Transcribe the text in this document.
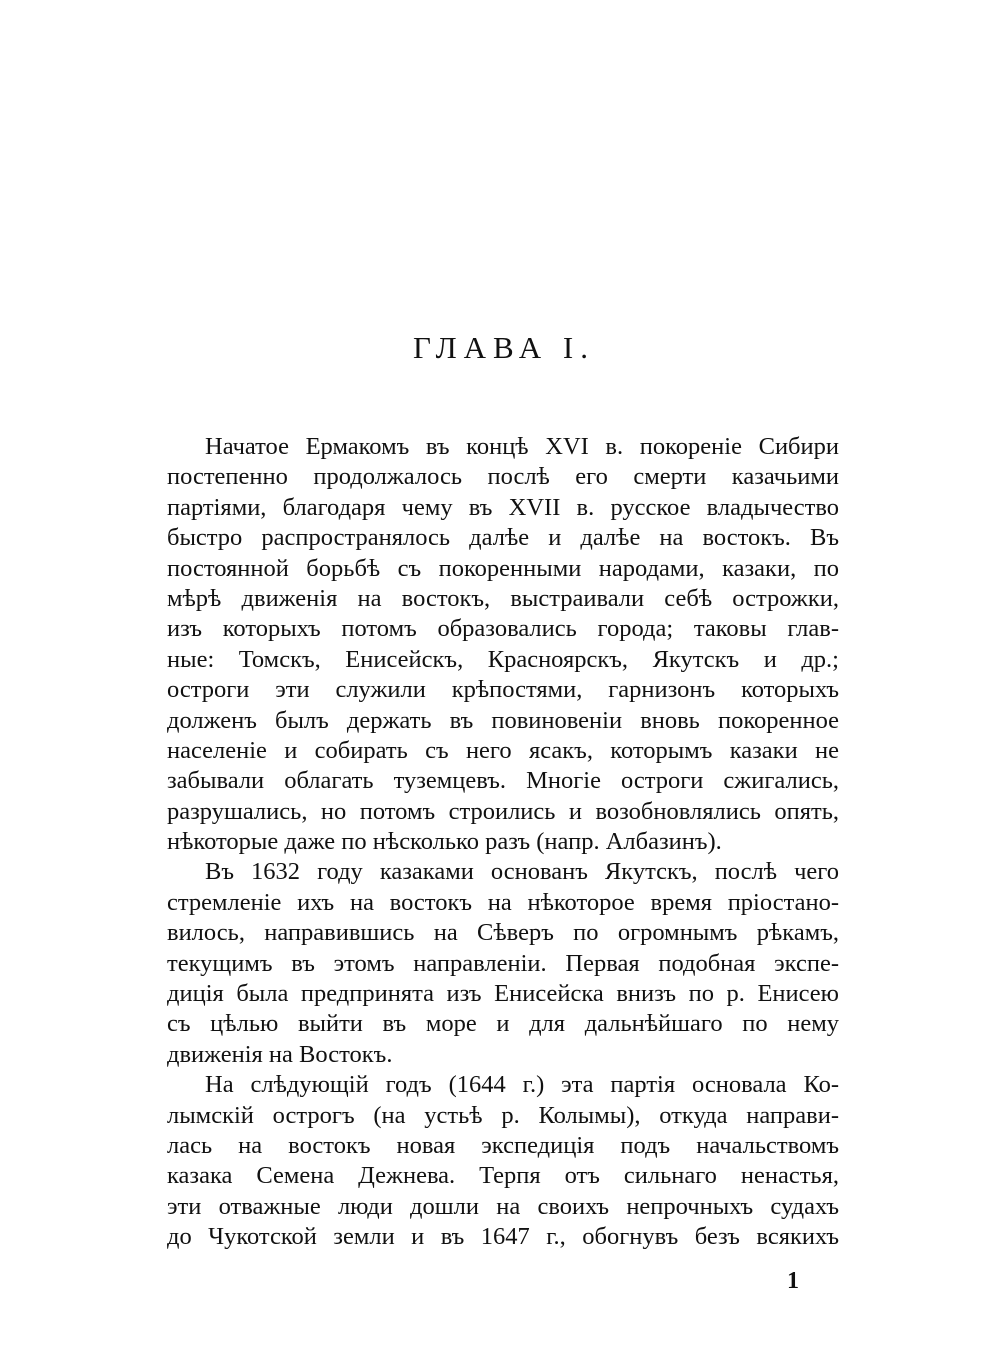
ГЛАВА I.
Начатое Ермакомъ въ концѣ XVI в. покореніе Сибири
постепенно продолжалось послѣ его смерти казачьими
партіями, благодаря чему въ XVII в. русское владычество
быстро распространялось далѣе и далѣе на востокъ. Въ
постоянной борьбѣ съ покоренными народами, казаки, по
мѣрѣ движенія на востокъ, выстраивали себѣ острожки,
изъ которыхъ потомъ образовались города; таковы глав-
ные: Томскъ, Енисейскъ, Красноярскъ, Якутскъ и др.;
остроги эти служили крѣпостями, гарнизонъ которыхъ
долженъ былъ держать въ повиновеніи вновь покоренное
населеніе и собирать съ него ясакъ, которымъ казаки не
забывали облагать туземцевъ. Многіе остроги сжигались,
разрушались, но потомъ строились и возобновлялись опять,
нѣкоторые даже по нѣсколько разъ (напр. Албазинъ).
Въ 1632 году казаками основанъ Якутскъ, послѣ чего
стремленіе ихъ на востокъ на нѣкоторое время пріостано-
вилось, направившись на Сѣверъ по огромнымъ рѣкамъ,
текущимъ въ этомъ направленіи. Первая подобная экспе-
диція была предпринята изъ Енисейска внизъ по р. Енисею
съ цѣлью выйти въ море и для дальнѣйшаго по нему
движенія на Востокъ.
На слѣдующій годъ (1644 г.) эта партія основала Ко-
лымскій острогъ (на устьѣ р. Колымы), откуда направи-
лась на востокъ новая экспедиція подъ начальствомъ
казака Семена Дежнева. Терпя отъ сильнаго ненастья,
эти отважные люди дошли на своихъ непрочныхъ судахъ
до Чукотской земли и въ 1647 г., обогнувъ безъ всякихъ
1
